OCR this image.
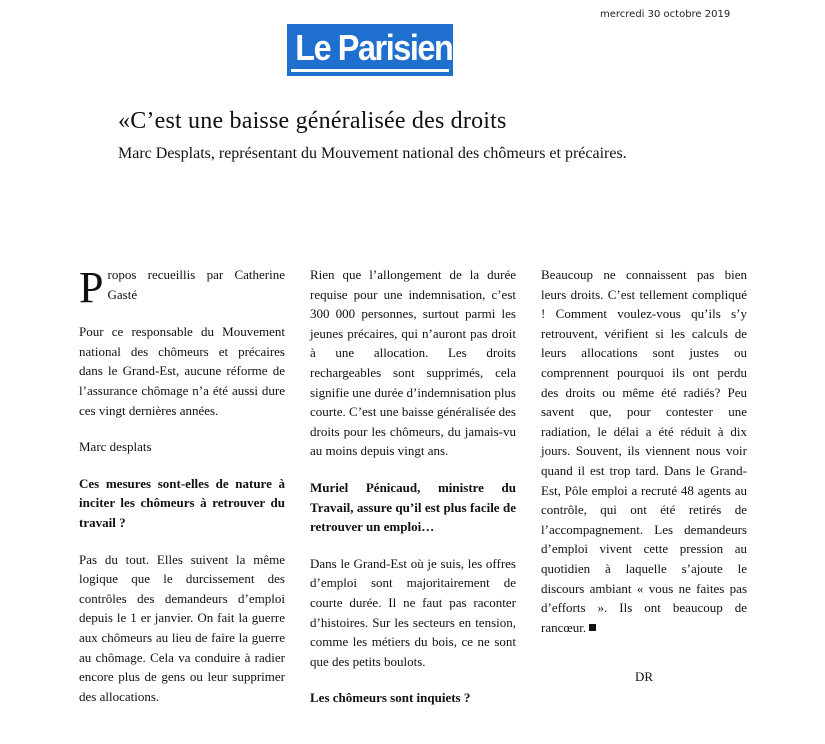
mercredi 30 octobre 2019
Le Parisien
«C’est une baisse généralisée des droits
Marc Desplats, représentant du Mouvement national des chômeurs et précaires.

Propos recueillis par Catherine Gasté

Pour ce responsable du Mouvement national des chômeurs et précaires dans le Grand-Est, aucune réforme de l’assurance chômage n’a été aussi dure ces vingt dernières années.

Marc desplats

Ces mesures sont-elles de nature à inciter les chômeurs à retrouver du travail ?

Pas du tout. Elles suivent la même logique que le durcissement des contrôles des demandeurs d’emploi depuis le 1 er janvier. On fait la guerre aux chômeurs au lieu de faire la guerre au chômage. Cela va conduire à radier encore plus de gens ou leur supprimer des allocations.

Rien que l’allongement de la durée requise pour une indemnisation, c’est 300 000 personnes, surtout parmi les jeunes précaires, qui n’auront pas droit à une allocation. Les droits rechargeables sont supprimés, cela signifie une durée d’indemnisation plus courte. C’est une baisse généralisée des droits pour les chômeurs, du jamais-vu au moins depuis vingt ans.

Muriel Pénicaud, ministre du Travail, assure qu’il est plus facile de retrouver un emploi…

Dans le Grand-Est où je suis, les offres d’emploi sont majoritairement de courte durée. Il ne faut pas raconter d’histoires. Sur les secteurs en tension, comme les métiers du bois, ce ne sont que des petits boulots.

Les chômeurs sont inquiets ?

Beaucoup ne connaissent pas bien leurs droits. C’est tellement compliqué ! Comment voulez-vous qu’ils s’y retrouvent, vérifient si les calculs de leurs allocations sont justes ou comprennent pourquoi ils ont perdu des droits ou même été radiés? Peu savent que, pour contester une radiation, le délai a été réduit à dix jours. Souvent, ils viennent nous voir quand il est trop tard. Dans le Grand-Est, Pôle emploi a recruté 48 agents au contrôle, qui ont été retirés de l’accompagnement. Les demandeurs d’emploi vivent cette pression au quotidien à laquelle s’ajoute le discours ambiant « vous ne faites pas d’efforts ». Ils ont beaucoup de rancœur.

DR
